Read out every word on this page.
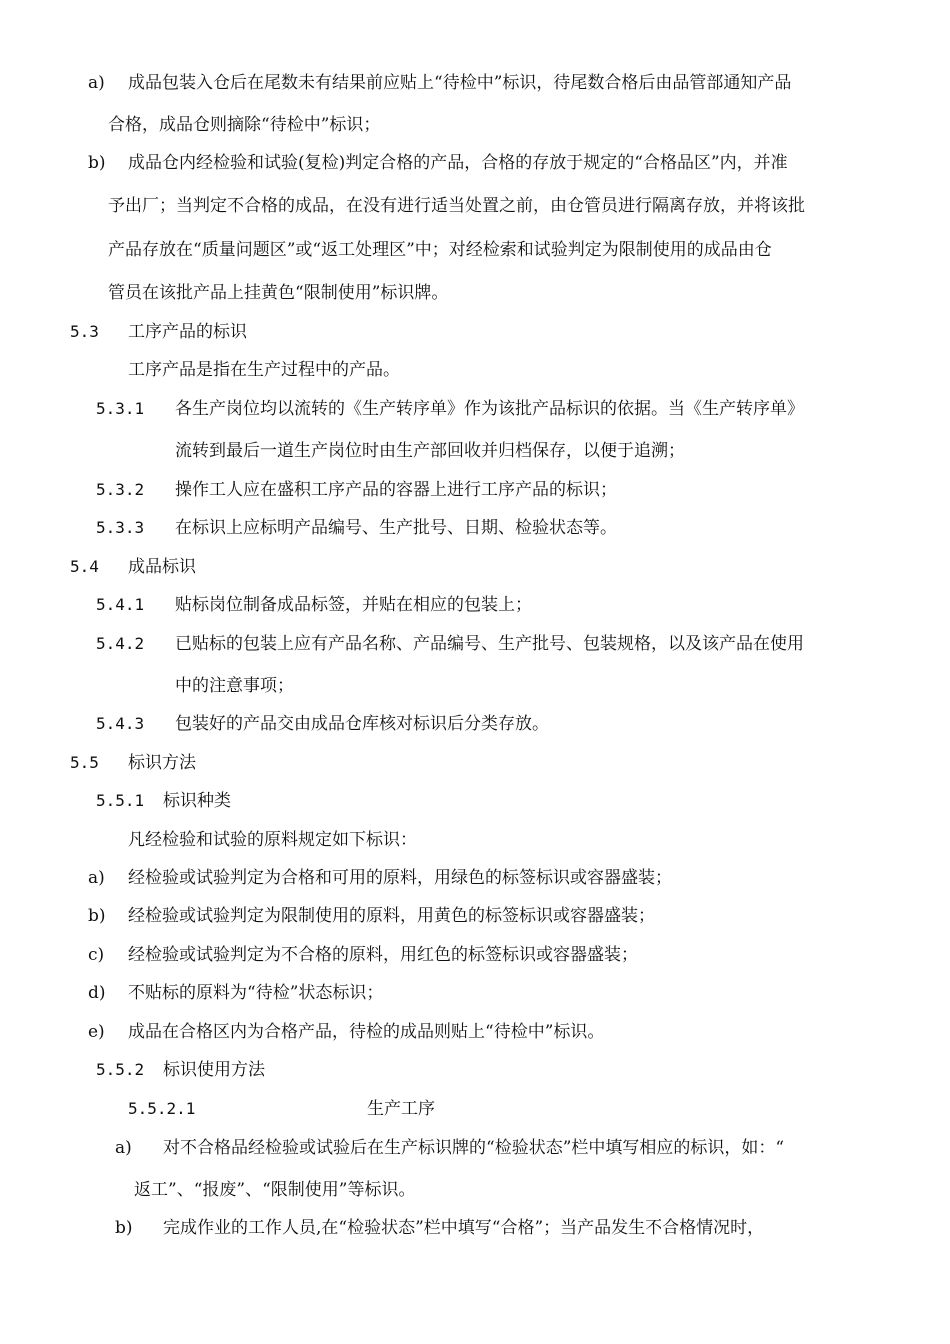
a) 成品包装入仓后在尾数未有结果前应贴上“待检中”标识，待尾数合格后由品管部通知产品
合格，成品仓则摘除“待检中”标识；
b) 成品仓内经检验和试验(复检)判定合格的产品，合格的存放于规定的“合格品区”内，并准
予出厂；当判定不合格的成品，在没有进行适当处置之前，由仓管员进行隔离存放，并将该批
产品存放在“质量问题区”或“返工处理区”中；对经检索和试验判定为限制使用的成品由仓
管员在该批产品上挂黄色“限制使用”标识牌。
5.3 工序产品的标识
工序产品是指在生产过程中的产品。
5.3.1 各生产岗位均以流转的《生产转序单》作为该批产品标识的依据。当《生产转序单》
流转到最后一道生产岗位时由生产部回收并归档保存，以便于追溯；
5.3.2 操作工人应在盛积工序产品的容器上进行工序产品的标识；
5.3.3 在标识上应标明产品编号、生产批号、日期、检验状态等。
5.4 成品标识
5.4.1 贴标岗位制备成品标签，并贴在相应的包装上；
5.4.2 已贴标的包装上应有产品名称、产品编号、生产批号、包装规格，以及该产品在使用
中的注意事项；
5.4.3 包装好的产品交由成品仓库核对标识后分类存放。
5.5 标识方法
5.5.1 标识种类
凡经检验和试验的原料规定如下标识：
a) 经检验或试验判定为合格和可用的原料，用绿色的标签标识或容器盛装；
b) 经检验或试验判定为限制使用的原料，用黄色的标签标识或容器盛装；
c) 经检验或试验判定为不合格的原料，用红色的标签标识或容器盛装；
d) 不贴标的原料为“待检”状态标识；
e) 成品在合格区内为合格产品，待检的成品则贴上“待检中”标识。
5.5.2 标识使用方法
5.5.2.1	生产工序
a) 对不合格品经检验或试验后在生产标识牌的“检验状态”栏中填写相应的标识，如：“
返工”、“报废”、“限制使用”等标识。
b) 完成作业的工作人员,在“检验状态”栏中填写“合格”；当产品发生不合格情况时，
